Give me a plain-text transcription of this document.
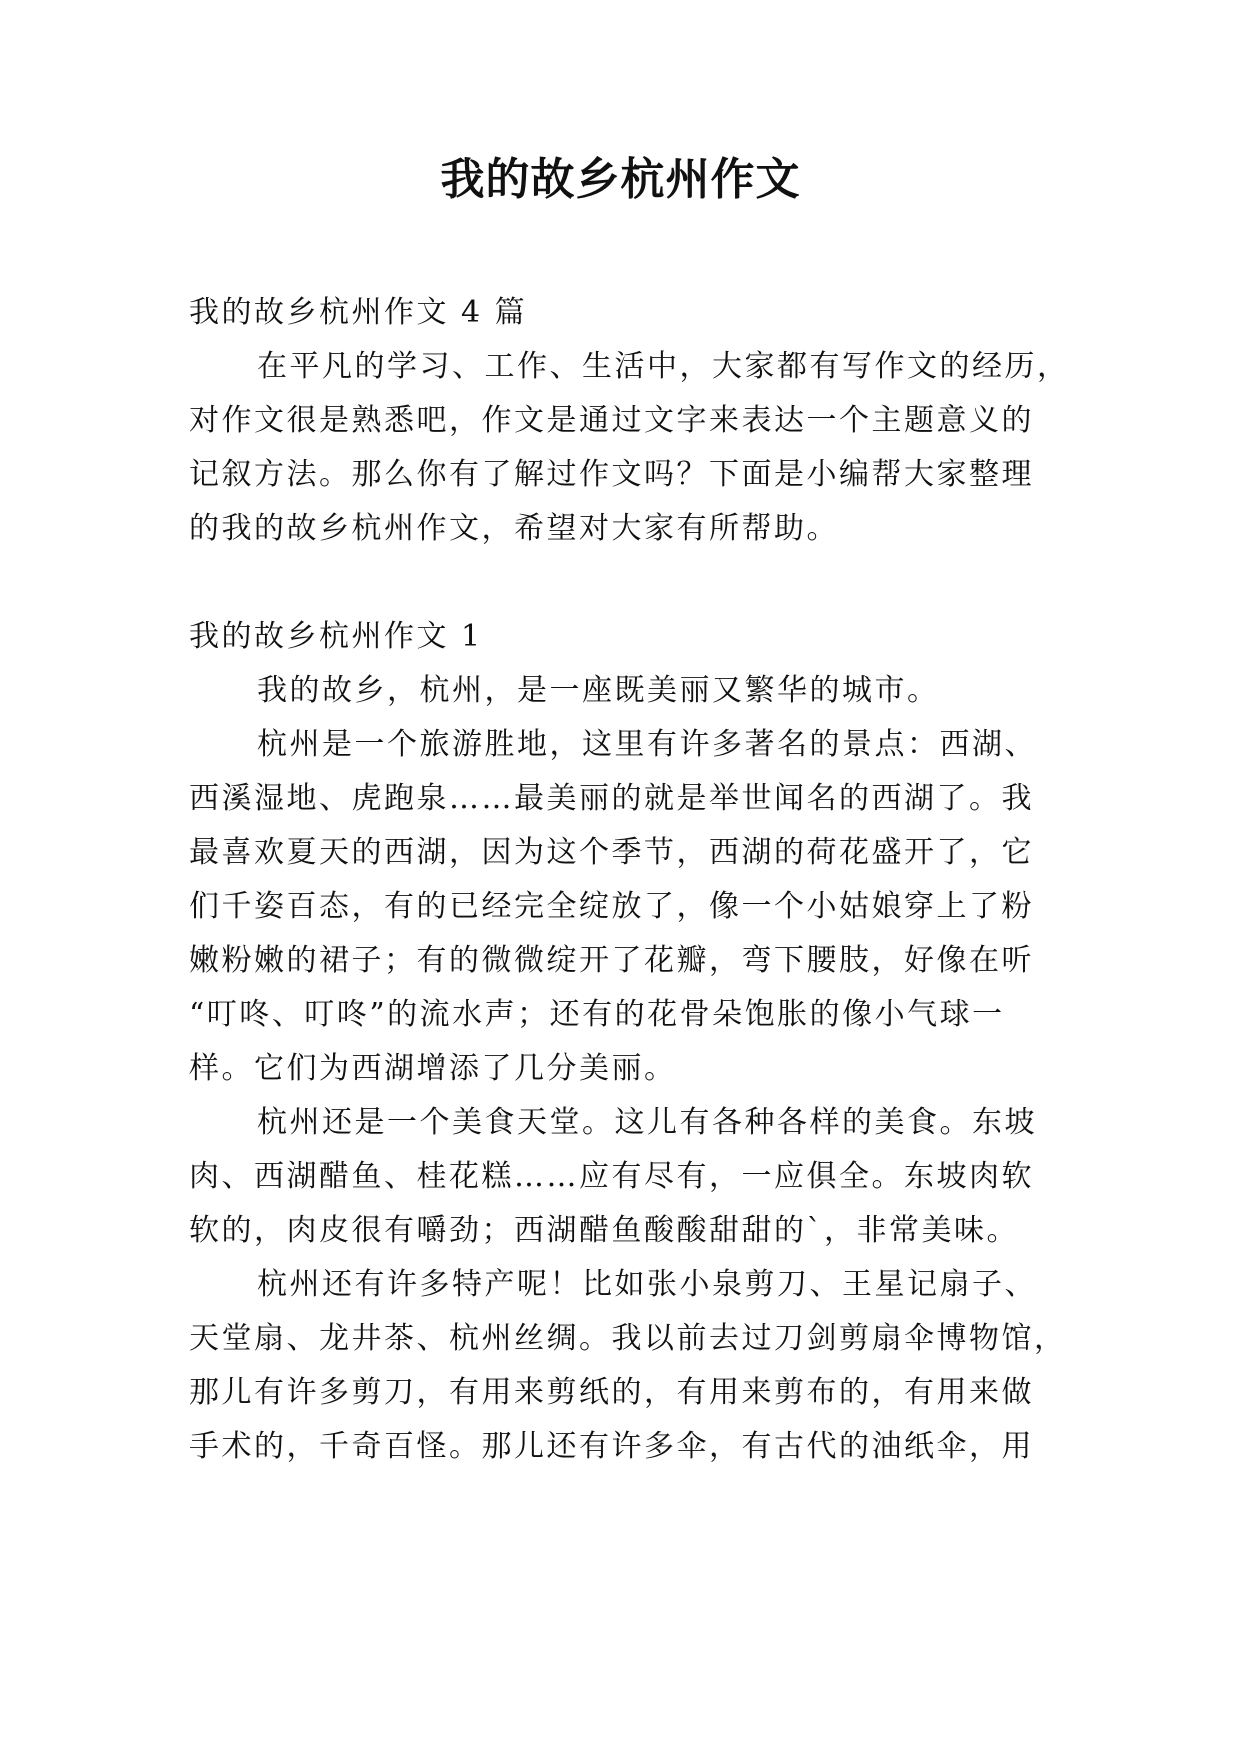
我的故乡杭州作文
我的故乡杭州作文 4 篇
在平凡的学习、工作、生活中，大家都有写作文的经历，
对作文很是熟悉吧，作文是通过文字来表达一个主题意义的
记叙方法。那么你有了解过作文吗？下面是小编帮大家整理
的我的故乡杭州作文，希望对大家有所帮助。
我的故乡杭州作文 1
我的故乡，杭州，是一座既美丽又繁华的城市。
杭州是一个旅游胜地，这里有许多著名的景点：西湖、
西溪湿地、虎跑泉……最美丽的就是举世闻名的西湖了。我
最喜欢夏天的西湖，因为这个季节，西湖的荷花盛开了，它
们千姿百态，有的已经完全绽放了，像一个小姑娘穿上了粉
嫩粉嫩的裙子；有的微微绽开了花瓣，弯下腰肢，好像在听
“叮咚、叮咚”的流水声；还有的花骨朵饱胀的像小气球一
样。它们为西湖增添了几分美丽。
杭州还是一个美食天堂。这儿有各种各样的美食。东坡
肉、西湖醋鱼、桂花糕……应有尽有，一应俱全。东坡肉软
软的，肉皮很有嚼劲；西湖醋鱼酸酸甜甜的`，非常美味。
杭州还有许多特产呢！比如张小泉剪刀、王星记扇子、
天堂扇、龙井茶、杭州丝绸。我以前去过刀剑剪扇伞博物馆，
那儿有许多剪刀，有用来剪纸的，有用来剪布的，有用来做
手术的，千奇百怪。那儿还有许多伞，有古代的油纸伞，用
